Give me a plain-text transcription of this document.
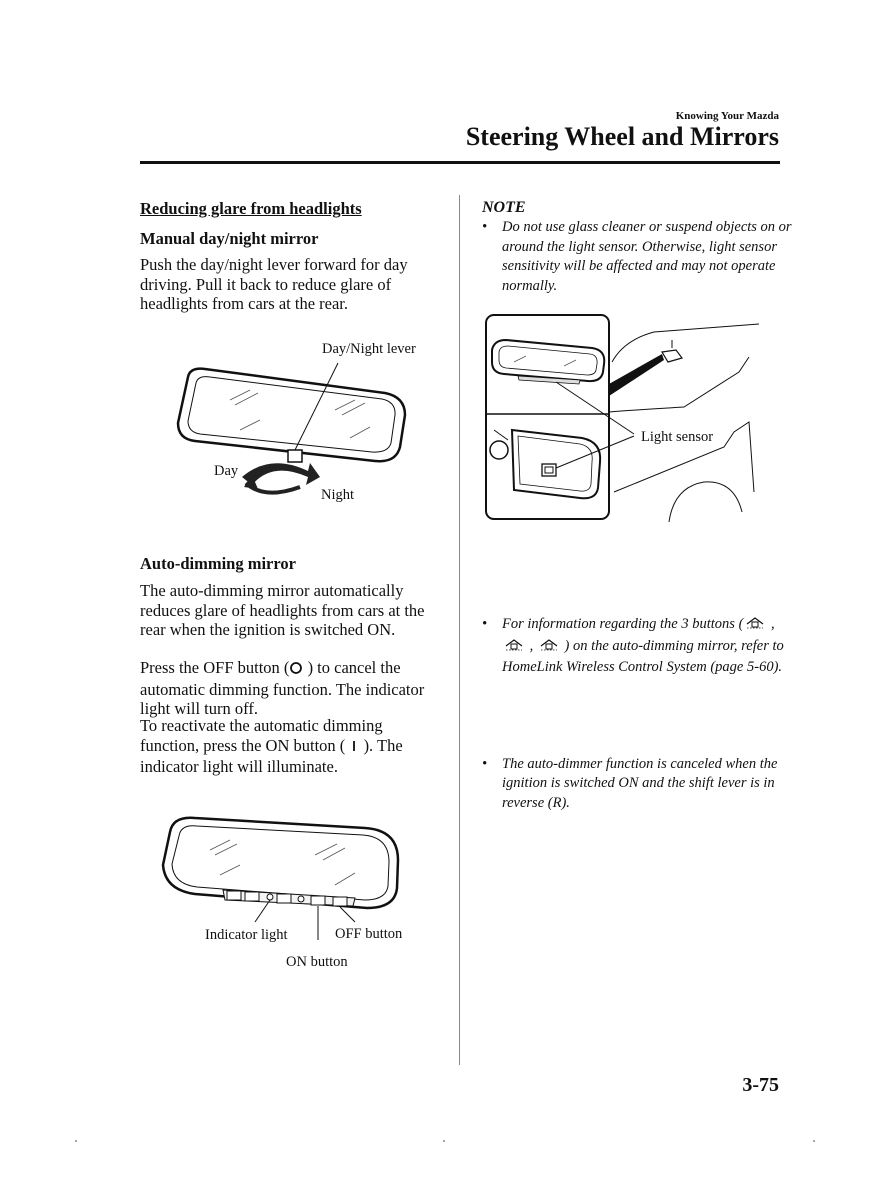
Knowing Your Mazda
Steering Wheel and Mirrors
Reducing glare from headlights
Manual day/night mirror
Push the day/night lever forward for day driving. Pull it back to reduce glare of headlights from cars at the rear.
Day/Night lever
Day
Night
Auto-dimming mirror
The auto-dimming mirror automatically reduces glare of headlights from cars at the rear when the ignition is switched ON.
Press the OFF button ( ) to cancel the automatic dimming function. The indicator light will turn off.
To reactivate the automatic dimming function, press the ON button ( ). The indicator light will illuminate.
Indicator light	OFF button
ON button
NOTE
• Do not use glass cleaner or suspend objects on or around the light sensor. Otherwise, light sensor sensitivity will be affected and may not operate normally.
Light sensor
• For information regarding the 3 buttons ( ,  ,  ) on the auto-dimming mirror, refer to HomeLink Wireless Control System (page 5-60).
• The auto-dimmer function is canceled when the ignition is switched ON and the shift lever is in reverse (R).
3-75
